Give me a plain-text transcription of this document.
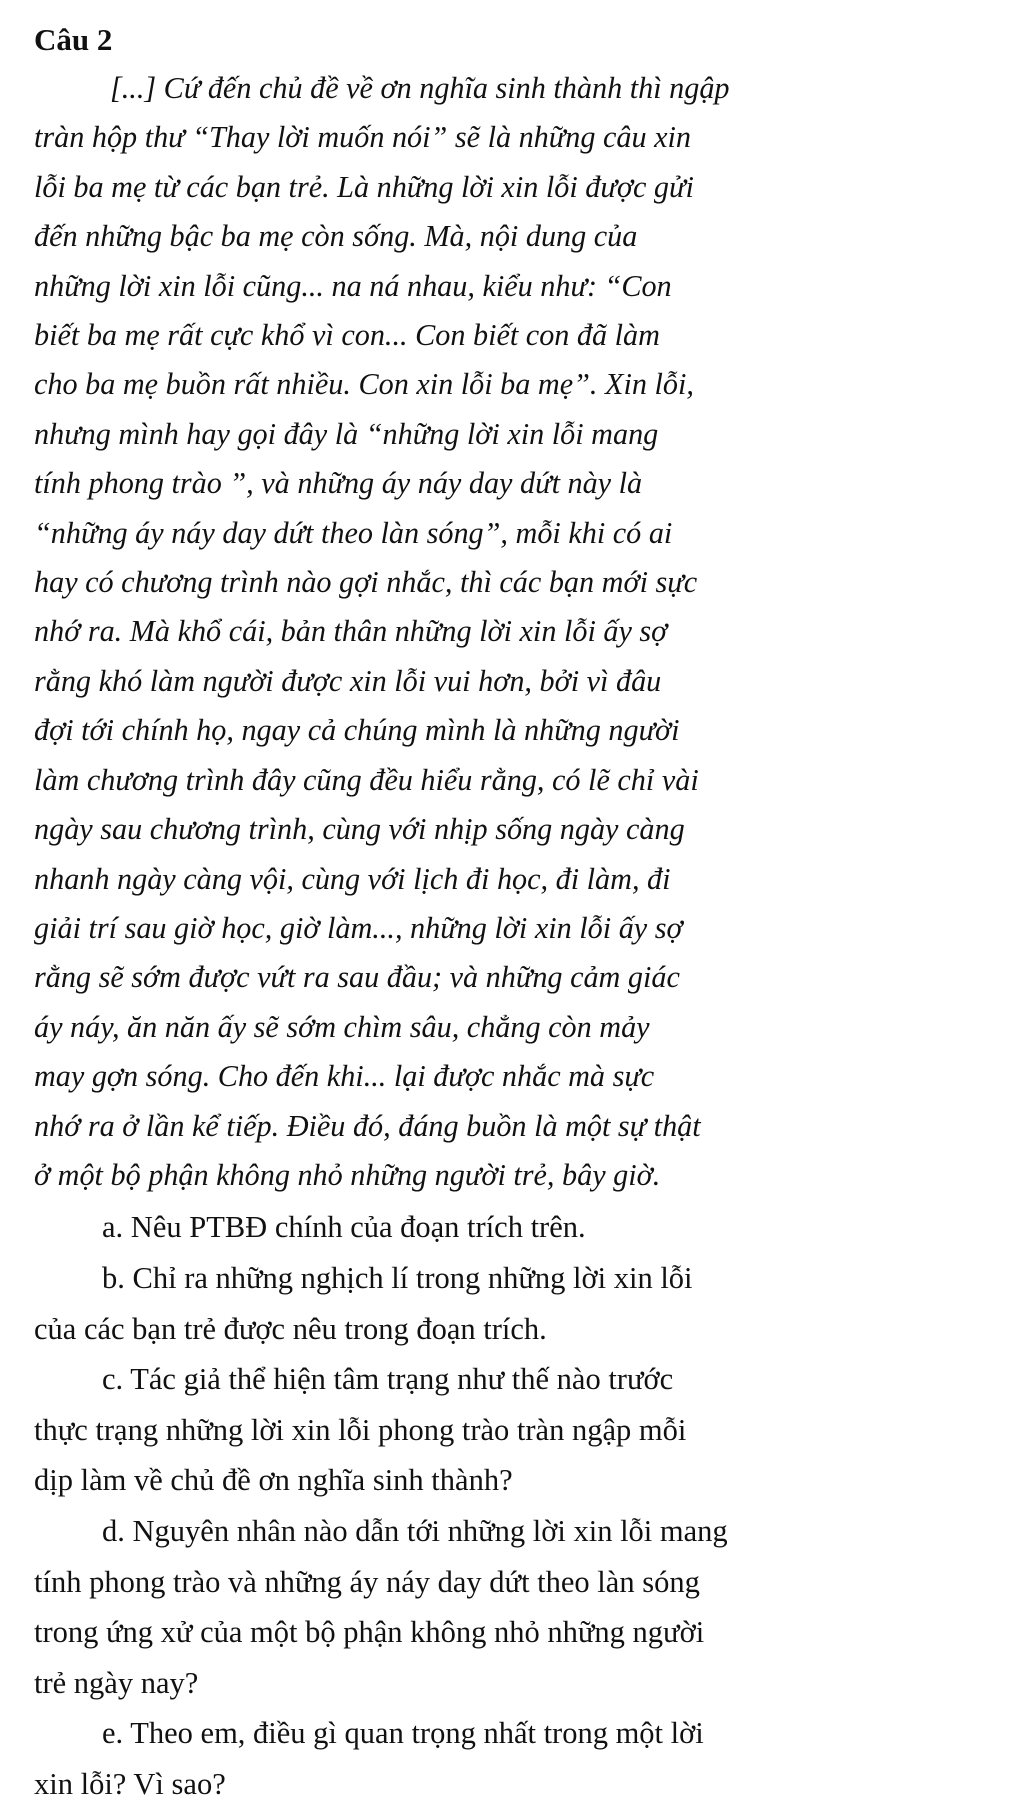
Câu 2
[...] Cứ đến chủ đề về ơn nghĩa sinh thành thì ngập
tràn hộp thư “Thay lời muốn nói” sẽ là những câu xin
lỗi ba mẹ từ các bạn trẻ. Là những lời xin lỗi được gửi
đến những bậc ba mẹ còn sống. Mà, nội dung của
những lời xin lỗi cũng... na ná nhau, kiểu như: “Con
biết ba mẹ rất cực khổ vì con... Con biết con đã làm
cho ba mẹ buồn rất nhiều. Con xin lỗi ba mẹ”. Xin lỗi,
nhưng mình hay gọi đây là “những lời xin lỗi mang
tính phong trào ”, và những áy náy day dứt này là
“những áy náy day dứt theo làn sóng”, mỗi khi có ai
hay có chương trình nào gợi nhắc, thì các bạn mới sực
nhớ ra. Mà khổ cái, bản thân những lời xin lỗi ấy sợ
rằng khó làm người được xin lỗi vui hơn, bởi vì đâu
đợi tới chính họ, ngay cả chúng mình là những người
làm chương trình đây cũng đều hiểu rằng, có lẽ chỉ vài
ngày sau chương trình, cùng với nhịp sống ngày càng
nhanh ngày càng vội, cùng với lịch đi học, đi làm, đi
giải trí sau giờ học, giờ làm..., những lời xin lỗi ấy sợ
rằng sẽ sớm được vứt ra sau đầu; và những cảm giác
áy náy, ăn năn ấy sẽ sớm chìm sâu, chẳng còn mảy
may gợn sóng. Cho đến khi... lại được nhắc mà sực
nhớ ra ở lần kể tiếp. Điều đó, đáng buồn là một sự thật
ở một bộ phận không nhỏ những người trẻ, bây giờ.
a. Nêu PTBĐ chính của đoạn trích trên.
b. Chỉ ra những nghịch lí trong những lời xin lỗi
của các bạn trẻ được nêu trong đoạn trích.
c. Tác giả thể hiện tâm trạng như thế nào trước
thực trạng những lời xin lỗi phong trào tràn ngập mỗi
dịp làm về chủ đề ơn nghĩa sinh thành?
d. Nguyên nhân nào dẫn tới những lời xin lỗi mang
tính phong trào và những áy náy day dứt theo làn sóng
trong ứng xử của một bộ phận không nhỏ những người
trẻ ngày nay?
e. Theo em, điều gì quan trọng nhất trong một lời
xin lỗi? Vì sao?
